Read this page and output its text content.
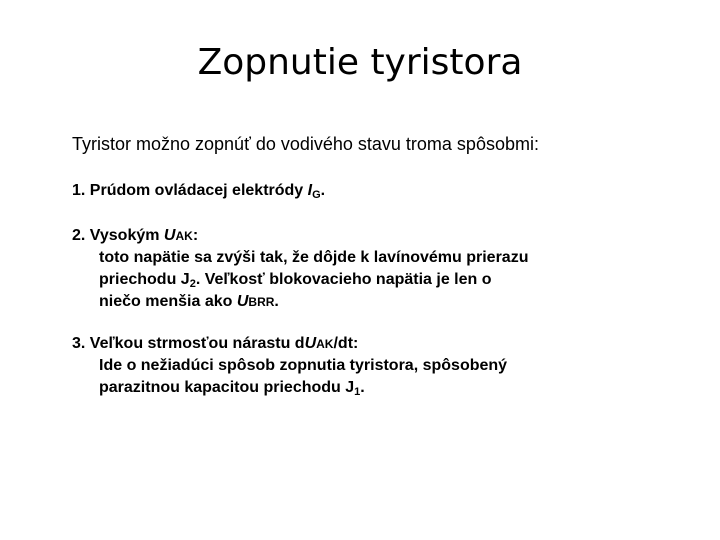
Zopnutie tyristora
Tyristor možno zopnúť do vodivého stavu troma spôsobmi:
1. Prúdom ovládacej elektródy $I_G$.
2. Vysokým UAK:
toto napätie sa zvýši tak, že dôjde k lavínovému prierazu
priechodu $J_2$. Veľkosť blokovacieho napätia je len o
niečo menšia ako UBRR.
3. Veľkou strmosťou nárastu dUAK/dt:
Ide o nežiadúci spôsob zopnutia tyristora, spôsobený
parazitnou kapacitou priechodu $J_1$.
